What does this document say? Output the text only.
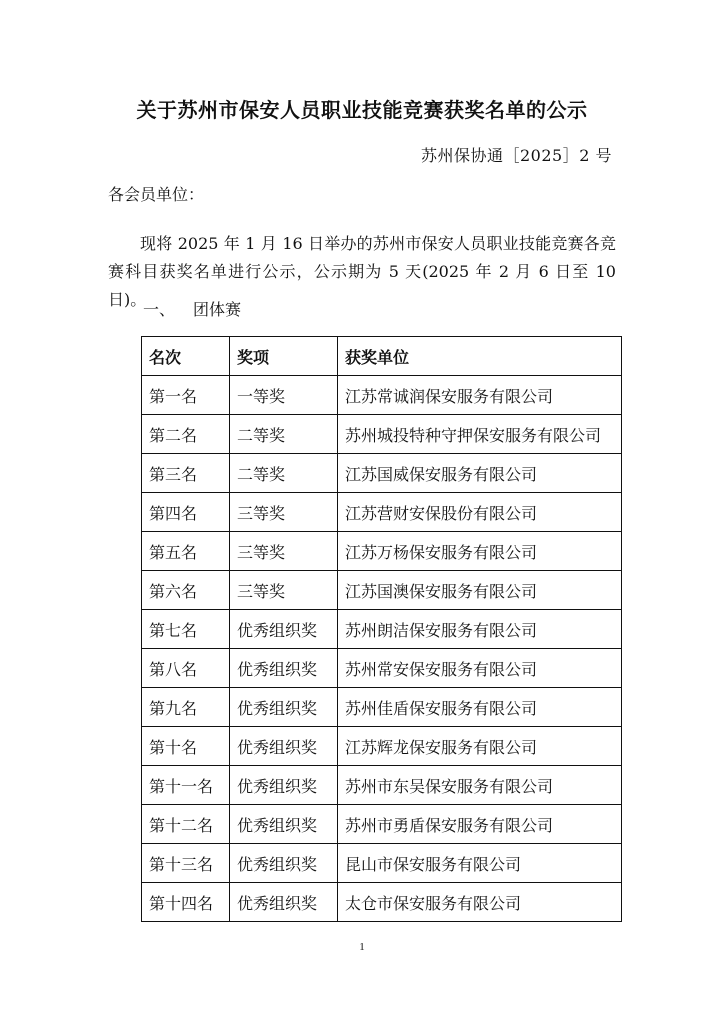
关于苏州市保安人员职业技能竞赛获奖名单的公示
苏州保协通［2025］2 号
各会员单位：
现将 2025 年 1 月 16 日举办的苏州市保安人员职业技能竞赛各竞赛科目获奖名单进行公示，公示期为 5 天(2025 年 2 月 6 日至 10 日)。
一、 团体赛
名次	奖项	获奖单位
第一名	一等奖	江苏常诚润保安服务有限公司
第二名	二等奖	苏州城投特种守押保安服务有限公司
第三名	二等奖	江苏国威保安服务有限公司
第四名	三等奖	江苏营财安保股份有限公司
第五名	三等奖	江苏万杨保安服务有限公司
第六名	三等奖	江苏国澳保安服务有限公司
第七名	优秀组织奖	苏州朗洁保安服务有限公司
第八名	优秀组织奖	苏州常安保安服务有限公司
第九名	优秀组织奖	苏州佳盾保安服务有限公司
第十名	优秀组织奖	江苏辉龙保安服务有限公司
第十一名	优秀组织奖	苏州市东吴保安服务有限公司
第十二名	优秀组织奖	苏州市勇盾保安服务有限公司
第十三名	优秀组织奖	昆山市保安服务有限公司
第十四名	优秀组织奖	太仓市保安服务有限公司
1
